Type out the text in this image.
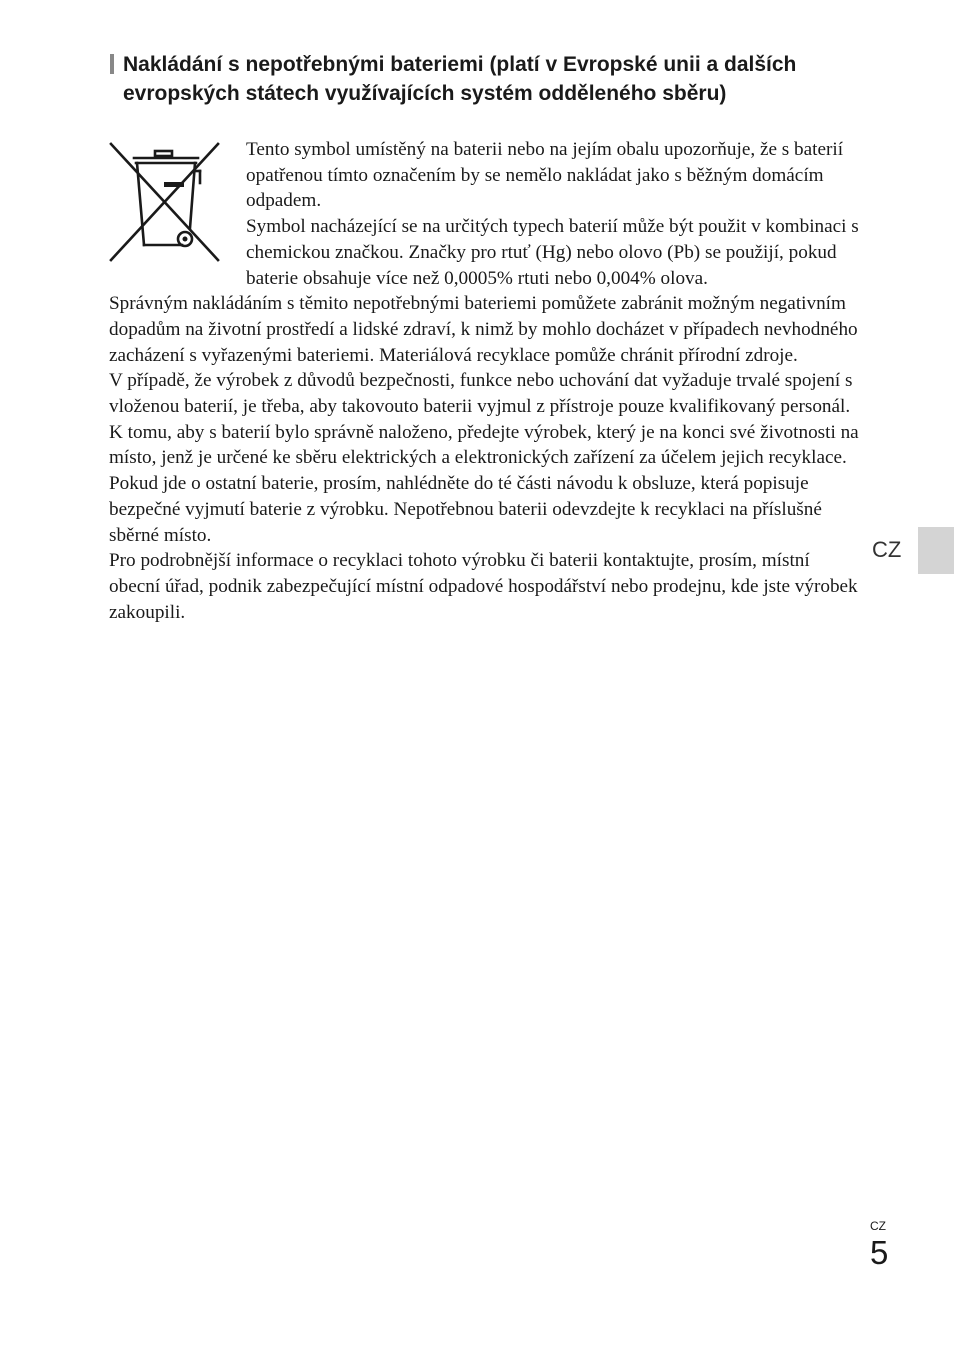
Nakládání s nepotřebnými bateriemi (platí v Evropské unii a dalších evropských státech využívajících systém odděleného sběru)

Tento symbol umístěný na baterii nebo na jejím obalu upozorňuje, že s baterií opatřenou tímto označením by se nemělo nakládat jako s běžným domácím odpadem.

Symbol nacházející se na určitých typech baterií může být použit v kombinaci s chemickou značkou. Značky pro rtuť (Hg) nebo olovo (Pb) se použijí, pokud baterie obsahuje více než 0,0005% rtuti nebo 0,004% olova.

Správným nakládáním s těmito nepotřebnými bateriemi pomůžete zabránit možným negativním dopadům na životní prostředí a lidské zdraví, k nimž by mohlo docházet v případech nevhodného zacházení s vyřazenými bateriemi. Materiálová recyklace pomůže chránit přírodní zdroje.

V případě, že výrobek z důvodů bezpečnosti, funkce nebo uchování dat vyžaduje trvalé spojení s vloženou baterií, je třeba, aby takovouto baterii vyjmul z přístroje pouze kvalifikovaný personál.

K tomu, aby s baterií bylo správně naloženo, předejte výrobek, který je na konci své životnosti na místo, jenž je určené ke sběru elektrických a elektronických zařízení za účelem jejich recyklace.

Pokud jde o ostatní baterie, prosím, nahlédněte do té části návodu k obsluze, která popisuje bezpečné vyjmutí baterie z výrobku. Nepotřebnou baterii odevzdejte k recyklaci na příslušné sběrné místo.

Pro podrobnější informace o recyklaci tohoto výrobku či baterii kontaktujte, prosím, místní obecní úřad, podnik zabezpečující místní odpadové hospodářství nebo prodejnu, kde jste výrobek zakoupili.

CZ
CZ
5
